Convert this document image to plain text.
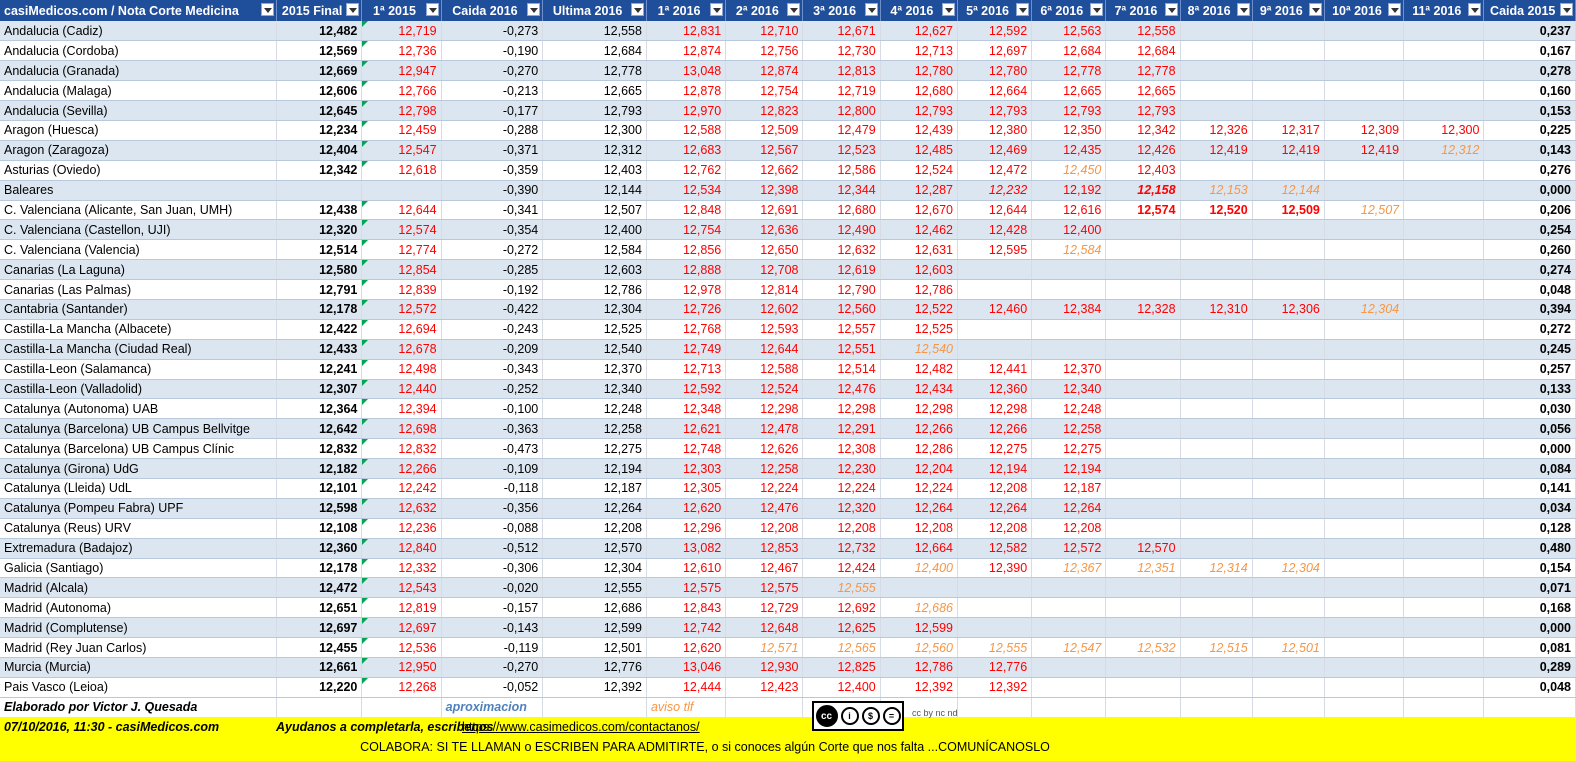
casiMedicos.com / Nota Corte Medicina	2015 Final	1ª 2015	Caida 2016	Ultima 2016	1ª 2016	2ª 2016	3ª 2016	4ª 2016	5ª 2016	6ª 2016	7ª 2016	8ª 2016	9ª 2016	10ª 2016	11ª 2016	Caida 2015

Andalucia (Cadiz)	12,482	12,719	-0,273	12,558	12,831	12,710	12,671	12,627	12,592	12,563	12,558					0,237
Andalucia (Cordoba)	12,569	12,736	-0,190	12,684	12,874	12,756	12,730	12,713	12,697	12,684	12,684					0,167
Andalucia (Granada)	12,669	12,947	-0,270	12,778	13,048	12,874	12,813	12,780	12,780	12,778	12,778					0,278
Andalucia (Malaga)	12,606	12,766	-0,213	12,665	12,878	12,754	12,719	12,680	12,664	12,665	12,665					0,160
Andalucia (Sevilla)	12,645	12,798	-0,177	12,793	12,970	12,823	12,800	12,793	12,793	12,793	12,793					0,153
Aragon (Huesca)	12,234	12,459	-0,288	12,300	12,588	12,509	12,479	12,439	12,380	12,350	12,342	12,326	12,317	12,309	12,300	0,225
Aragon (Zaragoza)	12,404	12,547	-0,371	12,312	12,683	12,567	12,523	12,485	12,469	12,435	12,426	12,419	12,419	12,419	12,312	0,143
Asturias (Oviedo)	12,342	12,618	-0,359	12,403	12,762	12,662	12,586	12,524	12,472	12,450	12,403					0,276
Baleares			-0,390	12,144	12,534	12,398	12,344	12,287	12,232	12,192	12,158	12,153	12,144			0,000
C. Valenciana (Alicante, San Juan, UMH)	12,438	12,644	-0,341	12,507	12,848	12,691	12,680	12,670	12,644	12,616	12,574	12,520	12,509	12,507		0,206
C. Valenciana (Castellon, UJI)	12,320	12,574	-0,354	12,400	12,754	12,636	12,490	12,462	12,428	12,400						0,254
C. Valenciana (Valencia)	12,514	12,774	-0,272	12,584	12,856	12,650	12,632	12,631	12,595	12,584						0,260
Canarias (La Laguna)	12,580	12,854	-0,285	12,603	12,888	12,708	12,619	12,603								0,274
Canarias (Las Palmas)	12,791	12,839	-0,192	12,786	12,978	12,814	12,790	12,786								0,048
Cantabria (Santander)	12,178	12,572	-0,422	12,304	12,726	12,602	12,560	12,522	12,460	12,384	12,328	12,310	12,306	12,304		0,394
Castilla-La Mancha (Albacete)	12,422	12,694	-0,243	12,525	12,768	12,593	12,557	12,525								0,272
Castilla-La Mancha (Ciudad Real)	12,433	12,678	-0,209	12,540	12,749	12,644	12,551	12,540								0,245
Castilla-Leon (Salamanca)	12,241	12,498	-0,343	12,370	12,713	12,588	12,514	12,482	12,441	12,370						0,257
Castilla-Leon (Valladolid)	12,307	12,440	-0,252	12,340	12,592	12,524	12,476	12,434	12,360	12,340						0,133
Catalunya (Autonoma) UAB	12,364	12,394	-0,100	12,248	12,348	12,298	12,298	12,298	12,298	12,248						0,030
Catalunya (Barcelona) UB Campus Bellvitge	12,642	12,698	-0,363	12,258	12,621	12,478	12,291	12,266	12,266	12,258						0,056
Catalunya (Barcelona) UB Campus Clínic	12,832	12,832	-0,473	12,275	12,748	12,626	12,308	12,286	12,275	12,275						0,000
Catalunya (Girona) UdG	12,182	12,266	-0,109	12,194	12,303	12,258	12,230	12,204	12,194	12,194						0,084
Catalunya (Lleida) UdL	12,101	12,242	-0,118	12,187	12,305	12,224	12,224	12,224	12,208	12,187						0,141
Catalunya (Pompeu Fabra) UPF	12,598	12,632	-0,356	12,264	12,620	12,476	12,320	12,264	12,264	12,264						0,034
Catalunya (Reus) URV	12,108	12,236	-0,088	12,208	12,296	12,208	12,208	12,208	12,208	12,208						0,128
Extremadura (Badajoz)	12,360	12,840	-0,512	12,570	13,082	12,853	12,732	12,664	12,582	12,572	12,570					0,480
Galicia (Santiago)	12,178	12,332	-0,306	12,304	12,610	12,467	12,424	12,400	12,390	12,367	12,351	12,314	12,304			0,154
Madrid (Alcala)	12,472	12,543	-0,020	12,555	12,575	12,575	12,555									0,071
Madrid (Autonoma)	12,651	12,819	-0,157	12,686	12,843	12,729	12,692	12,686								0,168
Madrid (Complutense)	12,697	12,697	-0,143	12,599	12,742	12,648	12,625	12,599								0,000
Madrid (Rey Juan Carlos)	12,455	12,536	-0,119	12,501	12,620	12,571	12,565	12,560	12,555	12,547	12,532	12,515	12,501			0,081
Murcia (Murcia)	12,661	12,950	-0,270	12,776	13,046	12,930	12,825	12,786	12,776							0,289
Pais Vasco (Leioa)	12,220	12,268	-0,052	12,392	12,444	12,423	12,400	12,392	12,392							0,048
Elaborado por Victor J. Quesada			aproximacion		aviso tlf											
07/10/2016, 11:30 - casiMedicos.com	Ayudanos a completarla, escribenos
https://www.casimedicos.com/contactanos/
COLABORA: SI TE LLAMAN o ESCRIBEN PARA ADMITIRTE, o si conoces algún Corte que nos falta ...COMUNÍCANOSLO
cc	i	$	=	cc by nc nd
